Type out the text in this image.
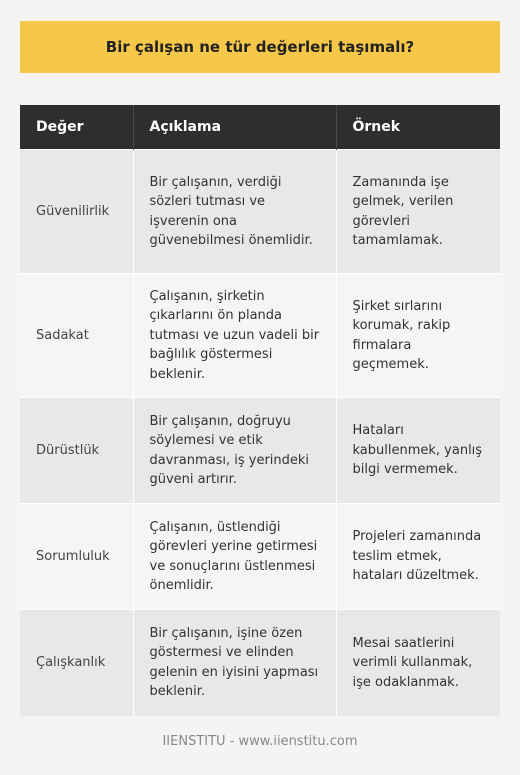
Bir çalışan ne tür değerleri taşımalı?
Değer	Açıklama	Örnek
Güvenilirlik	Bir çalışanın, verdiği sözleri tutması ve işverenin ona güvenebilmesi önemlidir.	Zamanında işe gelmek, verilen görevleri tamamlamak.
Sadakat	Çalışanın, şirketin çıkarlarını ön planda tutması ve uzun vadeli bir bağlılık göstermesi beklenir.	Şirket sırlarını korumak, rakip firmalara geçmemek.
Dürüstlük	Bir çalışanın, doğruyu söylemesi ve etik davranması, iş yerindeki güveni artırır.	Hataları kabullenmek, yanlış bilgi vermemek.
Sorumluluk	Çalışanın, üstlendiği görevleri yerine getirmesi ve sonuçlarını üstlenmesi önemlidir.	Projeleri zamanında teslim etmek, hataları düzeltmek.
Çalışkanlık	Bir çalışanın, işine özen göstermesi ve elinden gelenin en iyisini yapması beklenir.	Mesai saatlerini verimli kullanmak, işe odaklanmak.
IIENSTITU - www.iienstitu.com
